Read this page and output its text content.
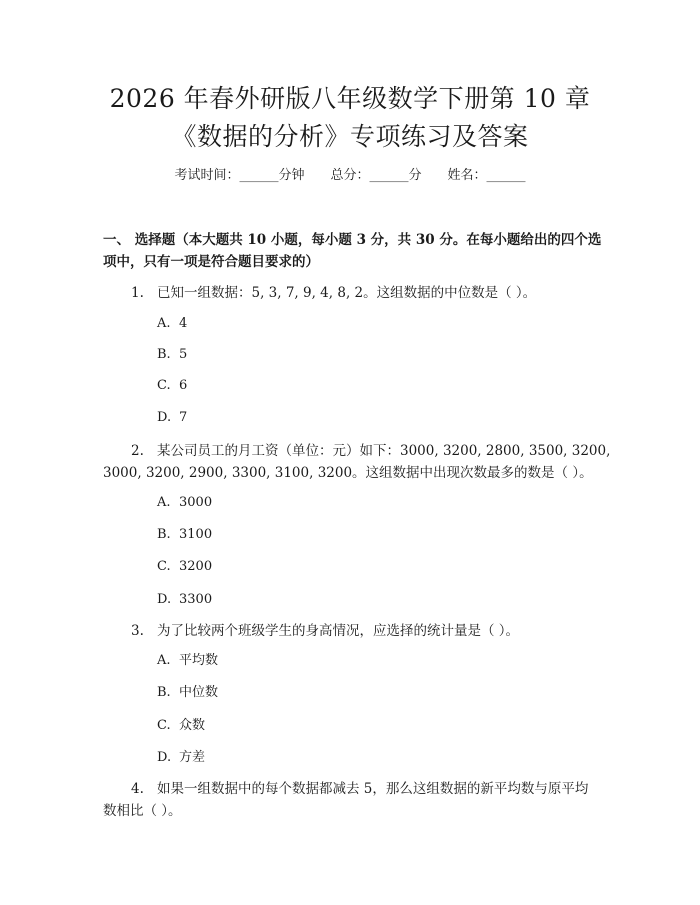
2026 年春外研版八年级数学下册第 10 章
《数据的分析》专项练习及答案
考试时间：______分钟 总分：______分 姓名：______
一、 选择题（本大题共 10 小题，每小题 3 分，共 30 分。在每小题给出的四个选
项中，只有一项是符合题目要求的）
1. 已知一组数据：5, 3, 7, 9, 4, 8, 2。这组数据的中位数是（ ）。
A. 4
B. 5
C. 6
D. 7
2. 某公司员工的月工资（单位：元）如下：3000, 3200, 2800, 3500, 3200,
3000, 3200, 2900, 3300, 3100, 3200。这组数据中出现次数最多的数是（ ）。
A. 3000
B. 3100
C. 3200
D. 3300
3. 为了比较两个班级学生的身高情况，应选择的统计量是（ ）。
A. 平均数
B. 中位数
C. 众数
D. 方差
4. 如果一组数据中的每个数据都减去 5，那么这组数据的新平均数与原平均
数相比（ ）。
